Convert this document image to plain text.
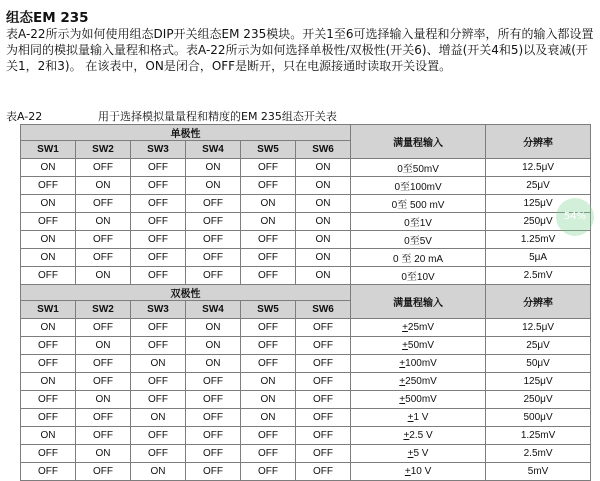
组态EM 235

表A-22所示为如何使用组态DIP开关组态EM 235模块。开关1至6可选择输入量程和分辨率，所有的输入都设置为相同的模拟量输入量程和格式。表A-22所示为如何选择单极性/双极性(开关6)、增益(开关4和5)以及衰减(开关1，2和3)。 在该表中，ON是闭合，OFF是断开，只在电源接通时读取开关设置。

表A-22	用于选择模拟量量程和精度的EM 235组态开关表
单极性						满量程输入	分辨率
SW1	SW2	SW3	SW4	SW5	SW6		
ON	OFF	OFF	ON	OFF	ON	0至50mV	12.5μV
OFF	ON	OFF	ON	OFF	ON	0至100mV	25μV
ON	OFF	OFF	OFF	ON	ON	0至 500 mV	125μV
OFF	ON	OFF	OFF	ON	ON	0至1V	250μV
ON	OFF	OFF	OFF	OFF	ON	0至5V	1.25mV
ON	OFF	OFF	OFF	OFF	ON	0 至 20 mA	5μA
OFF	ON	OFF	OFF	OFF	ON	0至10V	2.5mV
双极性						满量程输入	分辨率
SW1	SW2	SW3	SW4	SW5	SW6		
ON	OFF	OFF	ON	OFF	OFF	+25mV	12.5μV
OFF	ON	OFF	ON	OFF	OFF	+50mV	25μV
OFF	OFF	ON	ON	OFF	OFF	+100mV	50μV
ON	OFF	OFF	OFF	ON	OFF	+250mV	125μV
OFF	ON	OFF	OFF	ON	OFF	+500mV	250μV
OFF	OFF	ON	OFF	ON	OFF	+1 V	500μV
ON	OFF	OFF	OFF	OFF	OFF	+2.5 V	1.25mV
OFF	ON	OFF	OFF	OFF	OFF	+5 V	2.5mV
OFF	OFF	ON	OFF	OFF	OFF	+10 V	5mV
54%
